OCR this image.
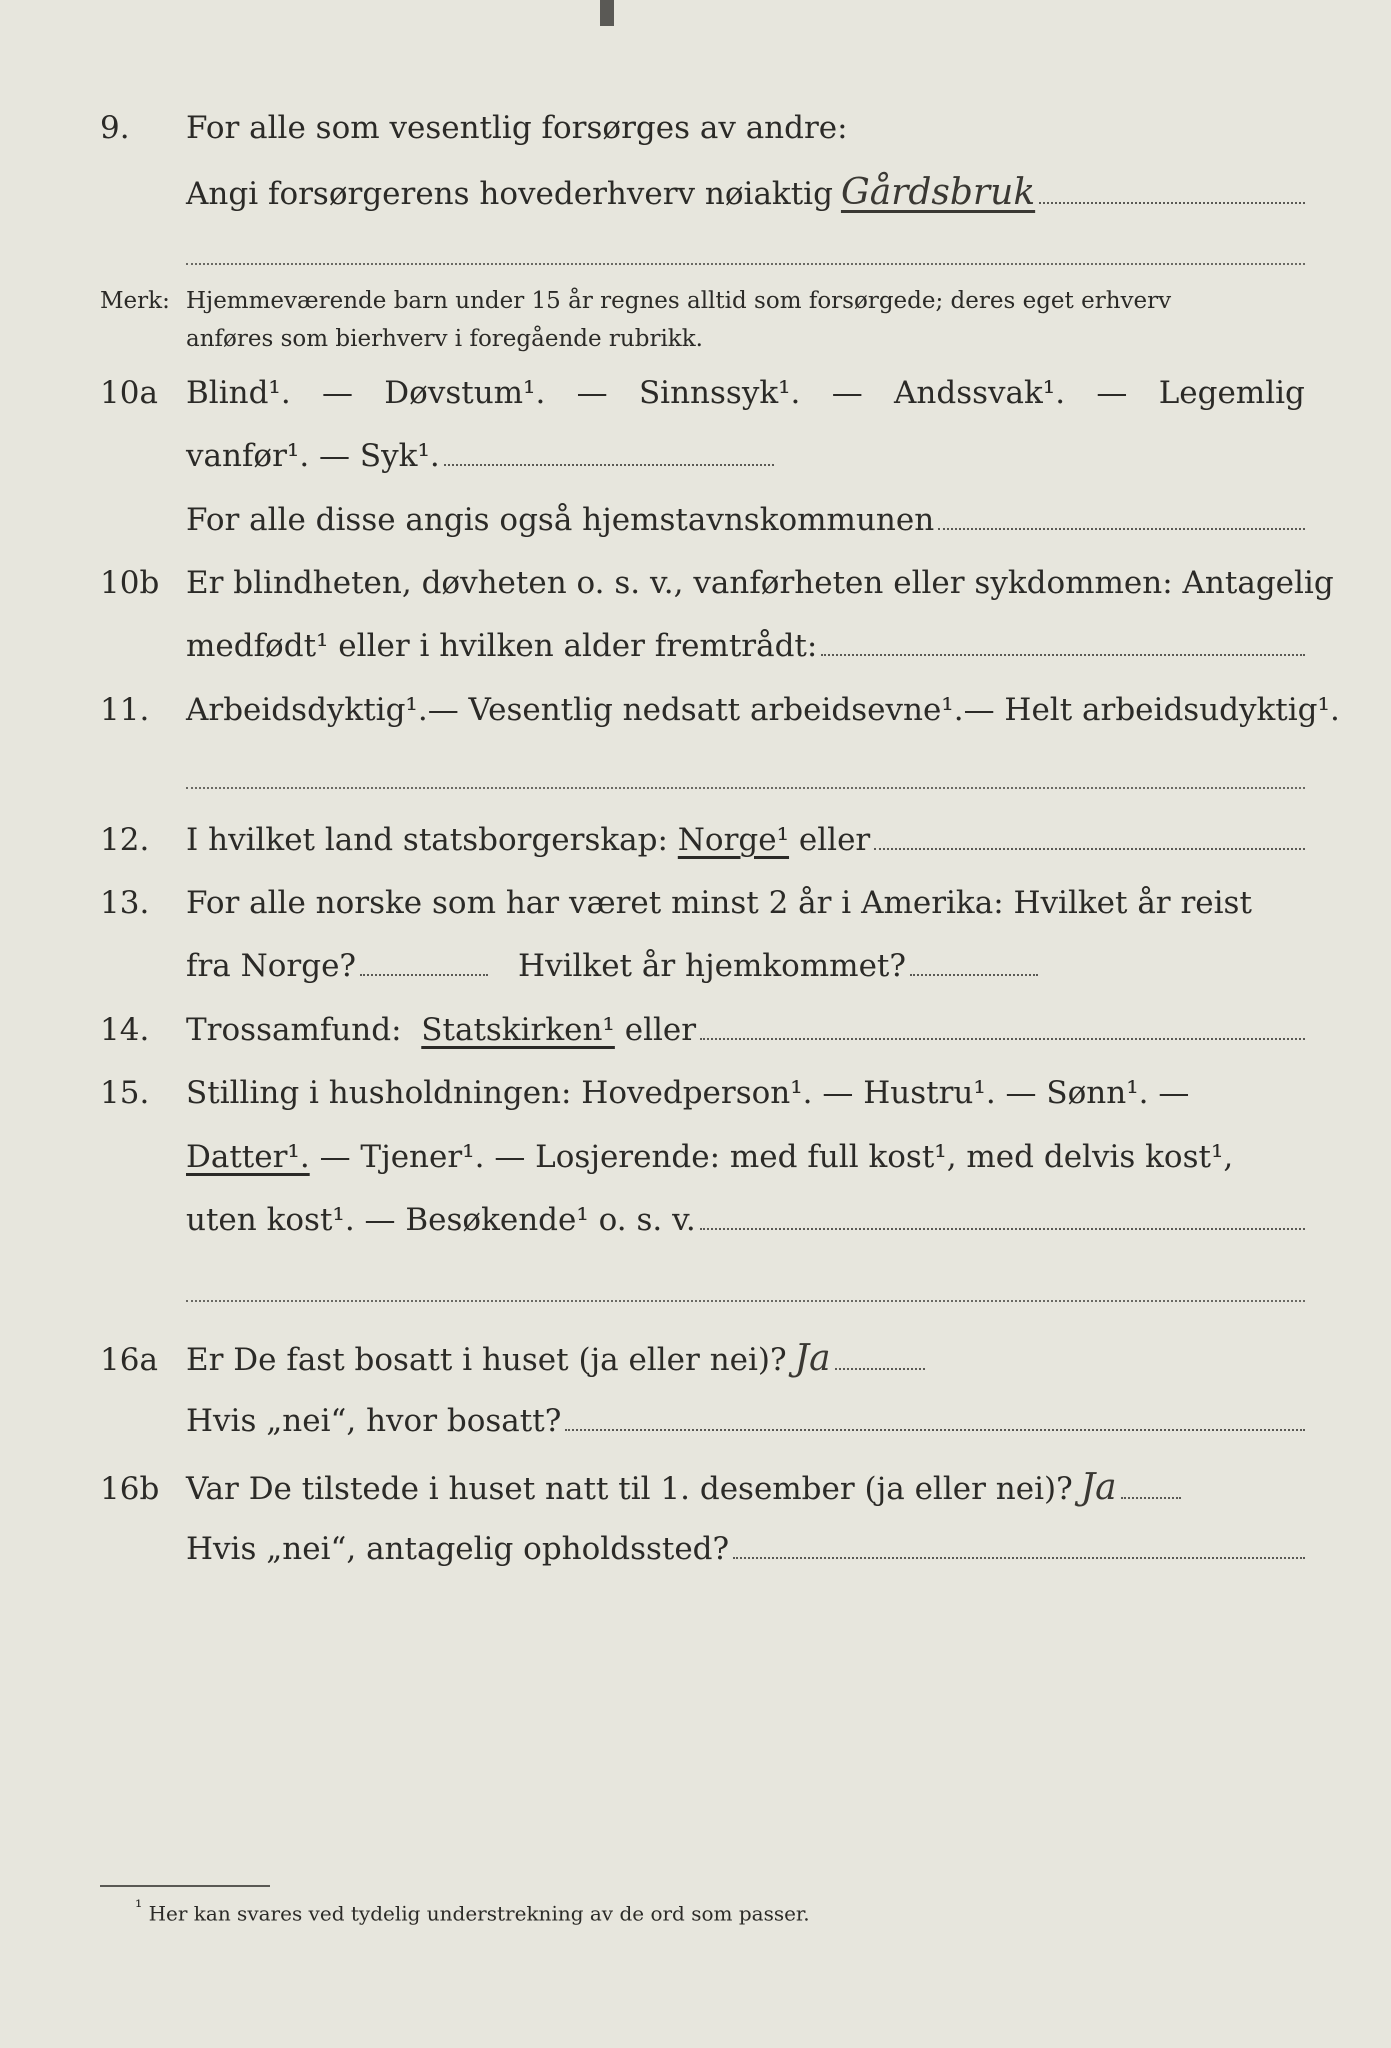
9.	For alle som vesentlig forsørges av andre:
Angi forsørgerens hovederhverv nøiaktig Gårdsbruk
Merk: Hjemmeværende barn under 15 år regnes alltid som forsørgede; deres eget erhverv
anføres som bierhverv i foregående rubrikk.
10a Blind¹. — Døvstum¹. — Sinnssyk¹. — Andssvak¹. — Legemlig
vanfør¹. — Syk¹.
For alle disse angis også hjemstavnskommunen
10b Er blindheten, døvheten o. s. v., vanførheten eller sykdommen: Antagelig
medfødt¹ eller i hvilken alder fremtrådt:
11.	Arbeidsdyktig¹. — Vesentlig nedsatt arbeidsevne¹. — Helt arbeidsudyktig¹.
12.	I hvilket land statsborgerskap:
Norge¹
eller
13.	For alle norske som har været minst 2 år i Amerika: Hvilket år reist
fra Norge?	Hvilket år hjemkommet?
14.	Trossamfund:
Statskirken¹
eller
15.	Stilling i husholdningen: Hovedperson¹. — Hustru¹. — Sønn¹. —
Datter¹.
— Tjener¹. — Losjerende: med full kost¹, med delvis kost¹,
uten kost¹. — Besøkende¹ o. s. v.
16a Er De fast bosatt i huset (ja eller nei)? Ja
Hvis „nei“, hvor bosatt?
16b Var De tilstede i huset natt til 1. desember (ja eller nei)? Ja
Hvis „nei“, antagelig opholdssted?
¹ Her kan svares ved tydelig understrekning av de ord som passer.
